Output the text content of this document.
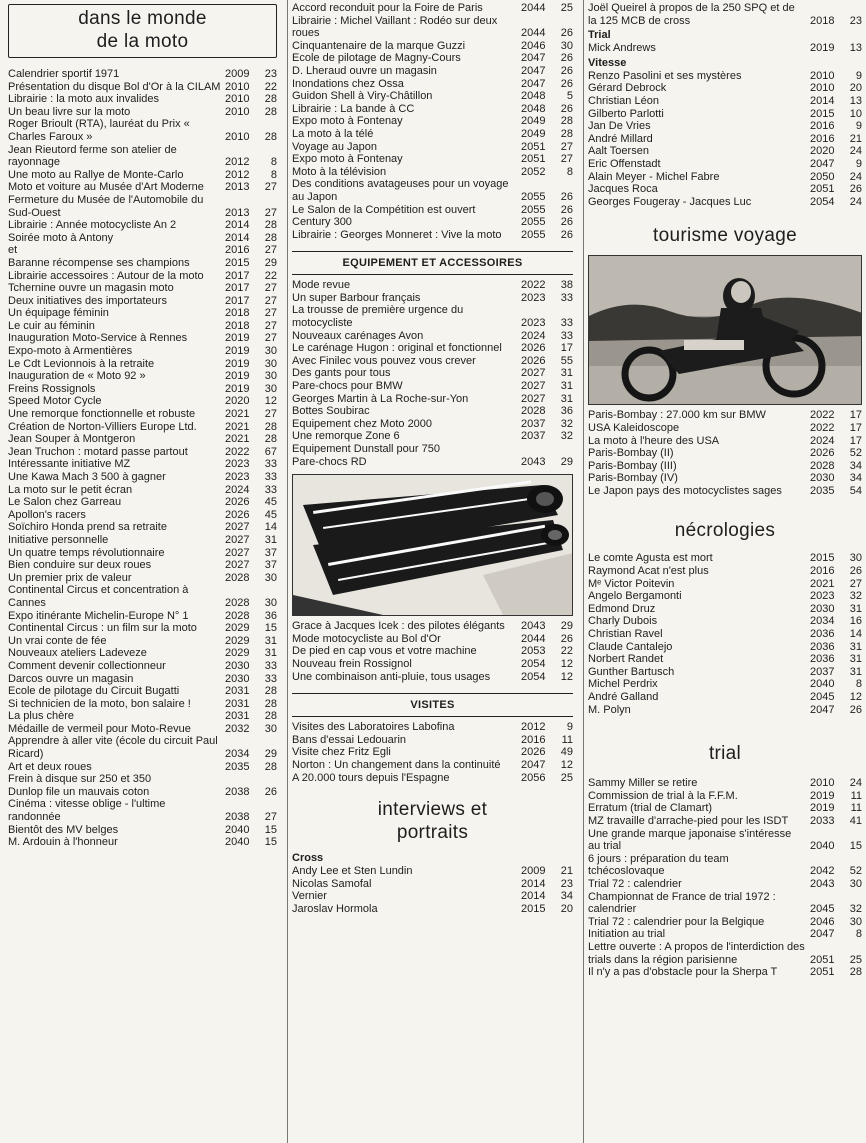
dans le monde
de la moto
Calendrier sportif 1971	2009	23
Présentation du disque Bol d'Or à la CILAM 2010	22
Librairie : la moto aux invalides	2010	28
Un beau livre sur la moto	2010	28
Roger Brioult (RTA), lauréat du Prix « Charles Faroux »	2010	28
Jean Rieutord ferme son atelier de rayonnage	2012	8
Une moto au Rallye de Monte-Carlo	2012	8
Moto et voiture au Musée d'Art Moderne	2013	27
Fermeture du Musée de l'Automobile du Sud-Ouest	2013	27
Librairie : Année motocycliste An 2	2014	28
Soirée moto à Antony	2014	28
et	2016	27
Baranne récompense ses champions	2015	29
Librairie accessoires : Autour de la moto	2017	22
Tchernine ouvre un magasin moto	2017	27
Deux initiatives des importateurs	2017	27
Un équipage féminin	2018	27
Le cuir au féminin	2018	27
Inauguration Moto-Service à Rennes	2019	27
Expo-moto à Armentières	2019	30
Le Cdt Levionnois à la retraite	2019	30
Inauguration de « Moto 92 »	2019	30
Freins Rossignols	2019	30
Speed Motor Cycle	2020	12
Une remorque fonctionnelle et robuste	2021	27
Création de Norton-Villiers Europe Ltd.	2021	28
Jean Souper à Montgeron	2021	28
Jean Truchon : motard passe partout	2022	67
Intéressante initiative MZ	2023	33
Une Kawa Mach 3 500 à gagner	2023	33
La moto sur le petit écran	2024	33
Le Salon chez Garreau	2026	45
Apollon's racers	2026	45
Soïchiro Honda prend sa retraite	2027	14
Initiative personnelle	2027	31
Un quatre temps révolutionnaire	2027	37
Bien conduire sur deux roues	2027	37
Un premier prix de valeur	2028	30
Continental Circus et concentration à Cannes	2028	30
Expo itinérante Michelin-Europe N° 1	2028	36
Continental Circus : un film sur la moto	2029	15
Un vrai conte de fée	2029	31
Nouveaux ateliers Ladeveze	2029	31
Comment devenir collectionneur	2030	33
Darcos ouvre un magasin	2030	33
Ecole de pilotage du Circuit Bugatti	2031	28
Si technicien de la moto, bon salaire !	2031	28
La plus chère	2031	28
Médaille de vermeil pour Moto-Revue	2032	30
Apprendre à aller vite (école du circuit Paul Ricard)	2034	29
Art et deux roues	2035	28
Frein à disque sur 250 et 350
Dunlop file un mauvais coton	2038	26
Cinéma : vitesse oblige - l'ultime randonnée	2038	27
Bientôt des MV belges	2040	15
M. Ardouin à l'honneur	2040	15
Accord reconduit pour la Foire de Paris	2044	25
Librairie : Michel Vaillant : Rodéo sur deux roues	2044	26
Cinquantenaire de la marque Guzzi	2046	30
Ecole de pilotage de Magny-Cours	2047	26
D. Lheraud ouvre un magasin	2047	26
Inondations chez Ossa	2047	26
Guidon Shell à Viry-Châtillon	2048	5
Librairie : La bande à CC	2048	26
Expo moto à Fontenay	2049	28
La moto à la télé	2049	28
Voyage au Japon	2051	27
Expo moto à Fontenay	2051	27
Moto à la télévision	2052	8
Des conditions avatageuses pour un voyage au Japon	2055	26
Le Salon de la Compétition est ouvert	2055	26
Century 300	2055	26
Librairie : Georges Monneret : Vive la moto	2055	26
EQUIPEMENT ET ACCESSOIRES
Mode revue	2022	38
Un super Barbour français	2023	33
La trousse de première urgence du motocycliste	2023	33
Nouveaux carénages Avon	2024	33
Le carénage Hugon : original et fonctionnel	2026	17
Avec Finilec vous pouvez vous crever	2026	55
Des gants pour tous	2027	31
Pare-chocs pour BMW	2027	31
Georges Martin à La Roche-sur-Yon	2027	31
Bottes Soubirac	2028	36
Equipement chez Moto 2000	2037	32
Une remorque Zone 6	2037	32
Equipement Dunstall pour 750
Pare-chocs RD	2043	29
Grace à Jacques Icek : des pilotes élégants	2043	29
Mode motocycliste au Bol d'Or	2044	26
De pied en cap vous et votre machine	2053	22
Nouveau frein Rossignol	2054	12
Une combinaison anti-pluie, tous usages	2054	12
VISITES
Visites des Laboratoires Labofina	2012	9
Bans d'essai Ledouarin	2016	11
Visite chez Fritz Egli	2026	49
Norton : Un changement dans la continuité	2047	12
A 20.000 tours depuis l'Espagne	2056	25
interviews et
portraits
Cross
Andy Lee et Sten Lundin	2009	21
Nicolas Samofal	2014	23
Vernier	2014	34
Jaroslav Hormola	2015	20
Joël Queirel à propos de la 250 SPQ et de la 125 MCB de cross	2018	23
Trial
Mick Andrews	2019	13
Vitesse
Renzo Pasolini et ses mystères	2010	9
Gérard Debrock	2010	20
Christian Léon	2014	13
Gilberto Parlotti	2015	10
Jan De Vries	2016	9
André Millard	2016	21
Aalt Toersen	2020	24
Eric Offenstadt	2047	9
Alain Meyer - Michel Fabre	2050	24
Jacques Roca	2051	26
Georges Fougeray - Jacques Luc	2054	24
tourisme voyage
Paris-Bombay : 27.000 km sur BMW	2022	17
USA Kaleidoscope	2022	17
La moto à l'heure des USA	2024	17
Paris-Bombay (II)	2026	52
Paris-Bombay (III)	2028	34
Paris-Bombay (IV)	2030	34
Le Japon pays des motocyclistes sages	2035	54
nécrologies
Le comte Agusta est mort	2015	30
Raymond Acat n'est plus	2016	26
Mᵉ Victor Poitevin	2021	27
Angelo Bergamonti	2023	32
Edmond Druz	2030	31
Charly Dubois	2034	16
Christian Ravel	2036	14
Claude Cantalejo	2036	31
Norbert Randet	2036	31
Gunther Bartusch	2037	31
Michel Perdrix	2040	8
André Galland	2045	12
M. Polyn	2047	26
trial
Sammy Miller se retire	2010	24
Commission de trial à la F.F.M.	2019	11
Erratum (trial de Clamart)	2019	11
MZ travaille d'arrache-pied pour les ISDT	2033	41
Une grande marque japonaise s'intéresse au trial	2040	15
6 jours : préparation du team tchécoslovaque	2042	52
Trial 72 : calendrier	2043	30
Championnat de France de trial 1972 : calendrier	2045	32
Trial 72 : calendrier pour la Belgique	2046	30
Initiation au trial	2047	8
Lettre ouverte : A propos de l'interdiction des trials dans la région parisienne	2051	25
Il n'y a pas d'obstacle pour la Sherpa T	2051	28
